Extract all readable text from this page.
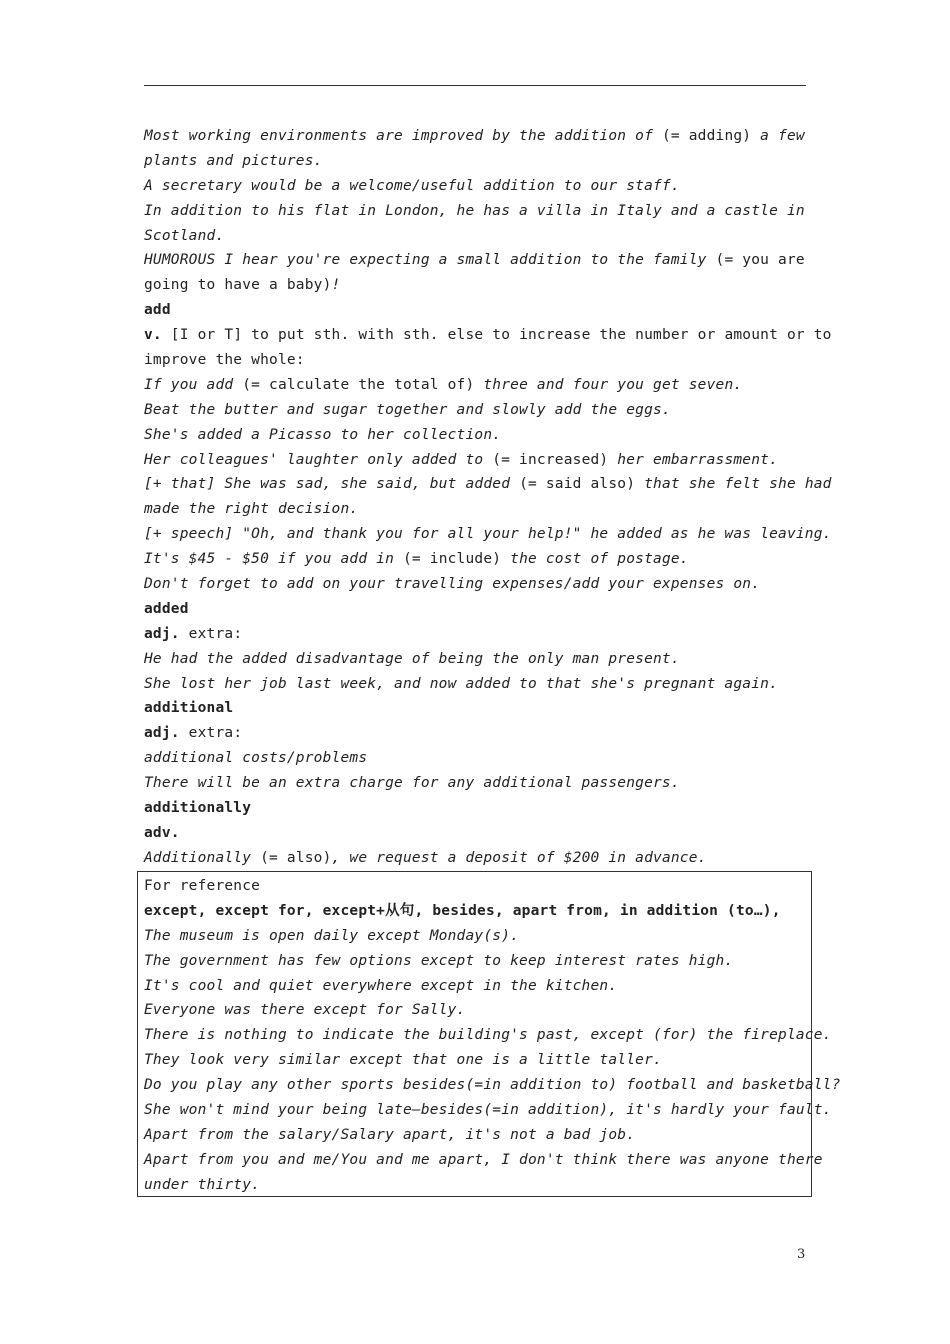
Most working environments are improved by the addition of (= adding) a few
plants and pictures.
A secretary would be a welcome/useful addition to our staff.
In addition to his flat in London, he has a villa in Italy and a castle in
Scotland.
HUMOROUS I hear you're expecting a small addition to the family (= you are
going to have a baby)!
add
v. [I or T] to put sth. with sth. else to increase the number or amount or to
improve the whole:
If you add (= calculate the total of) three and four you get seven.
Beat the butter and sugar together and slowly add the eggs.
She's added a Picasso to her collection.
Her colleagues' laughter only added to (= increased) her embarrassment.
[+ that] She was sad, she said, but added (= said also) that she felt she had
made the right decision.
[+ speech] "Oh, and thank you for all your help!" he added as he was leaving.
It's $45 - $50 if you add in (= include) the cost of postage.
Don't forget to add on your travelling expenses/add your expenses on.
added
adj. extra:
He had the added disadvantage of being the only man present.
She lost her job last week, and now added to that she's pregnant again.
additional
adj. extra:
additional costs/problems
There will be an extra charge for any additional passengers.
additionally
adv.
Additionally (= also), we request a deposit of $200 in advance.
For reference
except, except for, except+从句, besides, apart from, in addition (to…),
The museum is open daily except Monday(s).
The government has few options except to keep interest rates high.
It's cool and quiet everywhere except in the kitchen.
Everyone was there except for Sally.
There is nothing to indicate the building's past, except (for) the fireplace.
They look very similar except that one is a little taller.
Do you play any other sports besides(=in addition to) football and basketball?
She won't mind your being late—besides(=in addition), it's hardly your fault.
Apart from the salary/Salary apart, it's not a bad job.
Apart from you and me/You and me apart, I don't think there was anyone there
under thirty.
3
